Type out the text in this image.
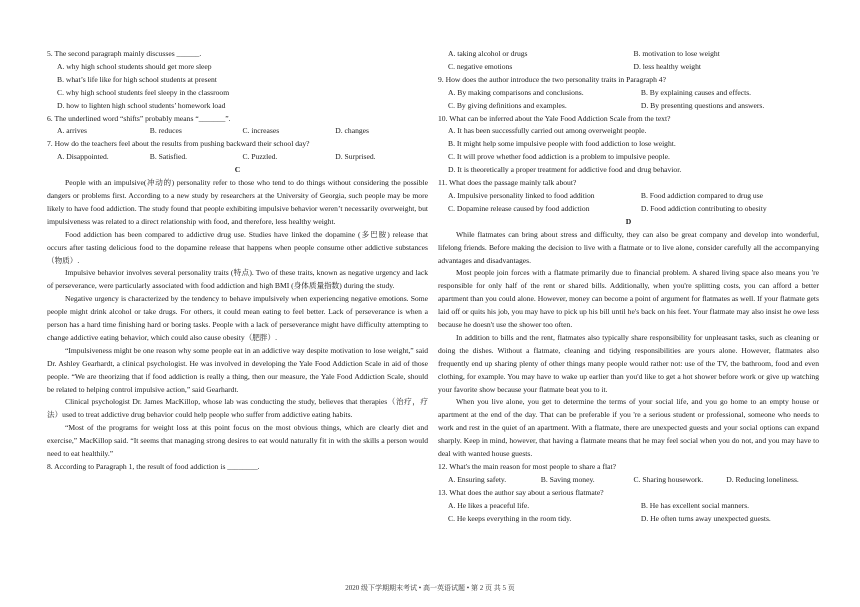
5. The second paragraph mainly discusses ______.
A. why high school students should get more sleep
B. what’s life like for high school students at present
C. why high school students feel sleepy in the classroom
D. how to lighten high school students’ homework load
6. The underlined word “shifts” probably means “_______”.
A. arrives	B. reduces	C. increases	D. changes
7. How do the teachers feel about the results from pushing backward their school day?
A. Disappointed.	B. Satisfied.	C. Puzzled.	D. Surprised.
C

People with an impulsive(冲动的) personality refer to those who tend to do things without considering the possible dangers or problems first. According to a new study by researchers at the University of Georgia, such people may be more likely to have food addiction. The study found that people exhibiting impulsive behavior weren’t necessarily overweight, but impulsiveness was related to a direct relationship with food, and therefore, less healthy weight.

Food addiction has been compared to addictive drug use. Studies have linked the dopamine (多巴胺) release that occurs after tasting delicious food to the dopamine release that happens when people consume other addictive substances（物质）.

Impulsive behavior involves several personality traits (特点). Two of these traits, known as negative urgency and lack of perseverance, were particularly associated with food addiction and high BMI (身体质量指数) during the study.

Negative urgency is characterized by the tendency to behave impulsively when experiencing negative emotions. Some people might drink alcohol or take drugs. For others, it could mean eating to feel better. Lack of perseverance is when a person has a hard time finishing hard or boring tasks. People with a lack of perseverance might have difficulty attempting to change addictive eating behavior, which could also cause obesity（肥胖）.

“Impulsiveness might be one reason why some people eat in an addictive way despite motivation to lose weight,” said Dr. Ashley Gearhardt, a clinical psychologist. He was involved in developing the Yale Food Addiction Scale in aid of those people. “We are theorizing that if food addiction is really a thing, then our measure, the Yale Food Addiction Scale, should be related to helping control impulsive action,” said Gearhardt.

Clinical psychologist Dr. James MacKillop, whose lab was conducting the study, believes that therapies（治疗，疗法）used to treat addictive drug behavior could help people who suffer from addictive eating habits.

“Most of the programs for weight loss at this point focus on the most obvious things, which are clearly diet and exercise,” MacKillop said. “It seems that managing strong desires to eat would naturally fit in with the skills a person would need to eat healthily.”

8. According to Paragraph 1, the result of food addiction is ________.
A. taking alcohol or drugs	B. motivation to lose weight
C. negative emotions	D. less healthy weight
9. How does the author introduce the two personality traits in Paragraph 4?
A. By making comparisons and conclusions.	B. By explaining causes and effects.
C. By giving definitions and examples.	D. By presenting questions and answers.
10. What can be inferred about the Yale Food Addiction Scale from the text?
A. It has been successfully carried out among overweight people.
B. It might help some impulsive people with food addiction to lose weight.
C. It will prove whether food addiction is a problem to impulsive people.
D. It is theoretically a proper treatment for addictive food and drug behavior.
11. What does the passage mainly talk about?
A. Impulsive personality linked to food addition	B. Food addiction compared to drug use
C. Dopamine release caused by food addiction	D. Food addiction contributing to obesity
D

While flatmates can bring about stress and difficulty, they can also be great company and develop into wonderful, lifelong friends. Before making the decision to live with a flatmate or to live alone, consider carefully all the accompanying advantages and disadvantages.

Most people join forces with a flatmate primarily due to financial problem. A shared living space also means you 're responsible for only half of the rent or shared bills. Additionally, when you're splitting costs, you can afford a better apartment than you could alone. However, money can become a point of argument for flatmates as well. If your flatmate gets laid off or quits his job, you may have to pick up his bill until he's back on his feet. Your flatmate may also insist he owe less because he doesn't use the shower too often.

In addition to bills and the rent, flatmates also typically share responsibility for unpleasant tasks, such as cleaning or doing the dishes. Without a flatmate, cleaning and tidying responsibilities are yours alone. However, flatmates also frequently end up sharing plenty of other things many people would rather not: use of the TV, the bathroom, food and even clothing, for example. You may have to wake up earlier than you'd like to get a hot shower before work or give up watching your favorite show because your flatmate beat you to it.

When you live alone, you get to determine the terms of your social life, and you go home to an empty house or apartment at the end of the day. That can be preferable if you 're a serious student or professional, someone who needs to work and rest in the quiet of an apartment. With a flatmate, there are unexpected guests and your social options can expand sharply. Keep in mind, however, that having a flatmate means that he may feel social when you do not, and you may have to deal with wanted house guests.

12. What's the main reason for most people to share a flat?
A. Ensuring safety.	B. Saving money.	C. Sharing housework.	D. Reducing loneliness.
13. What does the author say about a serious flatmate?
A. He likes a peaceful life.	B. He has excellent social manners.
C. He keeps everything in the room tidy.	D. He often turns away unexpected guests.
2020 级下学期期末考试 • 高一英语试题 • 第 2 页 共 5 页
